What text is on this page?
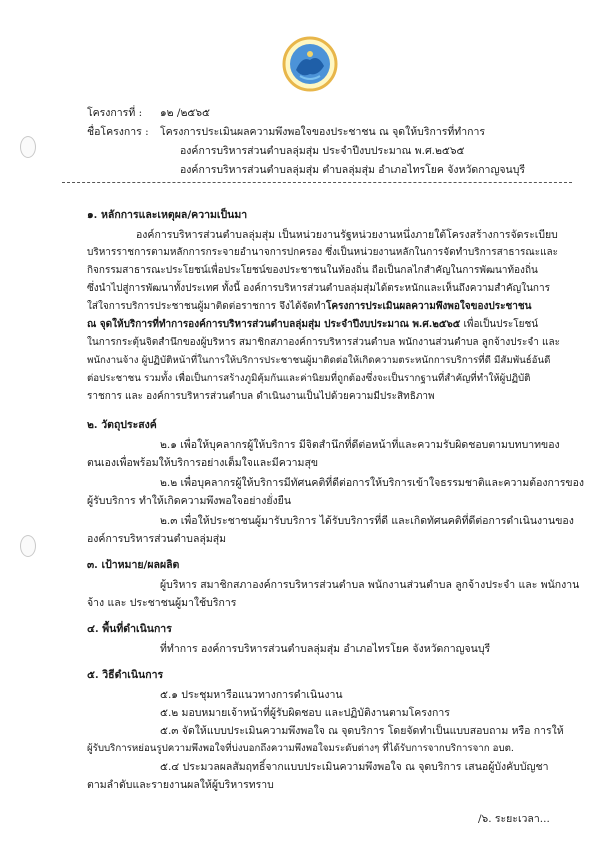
โครงการที่ : ๑๒ /๒๕๖๕
ชื่อโครงการ : โครงการประเมินผลความพึงพอใจของประชาชน ณ จุดให้บริการที่ทำการ
องค์การบริหารส่วนตำบลลุ่มสุ่ม ประจำปีงบประมาณ พ.ศ.๒๕๖๕
องค์การบริหารส่วนตำบลลุ่มสุ่ม ตำบลลุ่มสุ่ม อำเภอไทรโยค จังหวัดกาญจนบุรี
๑. หลักการและเหตุผล/ความเป็นมา
องค์การบริหารส่วนตำบลลุ่มสุ่ม เป็นหน่วยงานรัฐหน่วยงานหนึ่งภายใต้โครงสร้างการจัดระเบียบ
บริหารราชการตามหลักการกระจายอำนาจการปกครอง ซึ่งเป็นหน่วยงานหลักในการจัดทำบริการสาธารณะและ
กิจกรรมสาธารณะประโยชน์เพื่อประโยชน์ของประชาชนในท้องถิ่น ถือเป็นกลไกสำคัญในการพัฒนาท้องถิ่น
ซึ่งนำไปสู่การพัฒนาทั้งประเทศ ทั้งนี้ องค์การบริหารส่วนตำบลลุ่มสุ่มได้ตระหนักและเห็นถึงความสำคัญในการ
ใส่ใจการบริการประชาชนผู้มาติดต่อราชการ จึงได้จัดทำโครงการประเมินผลความพึงพอใจของประชาชน
ณ จุดให้บริการที่ทำการองค์การบริหารส่วนตำบลลุ่มสุ่ม ประจำปีงบประมาณ พ.ศ.๒๕๖๕ เพื่อเป็นประโยชน์
ในการกระตุ้นจิตสำนึกของผู้บริหาร สมาชิกสภาองค์การบริหารส่วนตำบล พนักงานส่วนตำบล ลูกจ้างประจำ และ
พนักงานจ้าง ผู้ปฏิบัติหน้าที่ในการให้บริการประชาชนผู้มาติดต่อให้เกิดความตระหนักการบริการที่ดี มีสัมพันธ์อันดี
ต่อประชาชน รวมทั้ง เพื่อเป็นการสร้างภูมิคุ้มกันและค่านิยมที่ถูกต้องซึ่งจะเป็นรากฐานที่สำคัญที่ทำให้ผู้ปฏิบัติ
ราชการ และ องค์การบริหารส่วนตำบล ดำเนินงานเป็นไปด้วยความมีประสิทธิภาพ
๒. วัตถุประสงค์
๒.๑ เพื่อให้บุคลากรผู้ให้บริการ มีจิตสำนึกที่ดีต่อหน้าที่และความรับผิดชอบตามบทบาทของ
ตนเองเพื่อพร้อมให้บริการอย่างเต็มใจและมีความสุข
๒.๒ เพื่อบุคลากรผู้ให้บริการมีทัศนคติที่ดีต่อการให้บริการเข้าใจธรรมชาติและความต้องการของ
ผู้รับบริการ ทำให้เกิดความพึงพอใจอย่างยั่งยืน
๒.๓ เพื่อให้ประชาชนผู้มารับบริการ ได้รับบริการที่ดี และเกิดทัศนคติที่ดีต่อการดำเนินงานของ
องค์การบริหารส่วนตำบลลุ่มสุ่ม
๓. เป้าหมาย/ผลผลิต
ผู้บริหาร สมาชิกสภาองค์การบริหารส่วนตำบล พนักงานส่วนตำบล ลูกจ้างประจำ และ พนักงาน
จ้าง และ ประชาชนผู้มาใช้บริการ
๔. พื้นที่ดำเนินการ
ที่ทำการ องค์การบริหารส่วนตำบลลุ่มสุ่ม อำเภอไทรโยค จังหวัดกาญจนบุรี
๕. วิธีดำเนินการ
๕.๑ ประชุมหารือแนวทางการดำเนินงาน
๕.๒ มอบหมายเจ้าหน้าที่ผู้รับผิดชอบ และปฏิบัติงานตามโครงการ
๕.๓ จัดให้แบบประเมินความพึงพอใจ ณ จุดบริการ โดยจัดทำเป็นแบบสอบถาม หรือ การให้
ผู้รับบริการหย่อนรูปความพึงพอใจที่บ่งบอกถึงความพึงพอใจมระดับต่างๆ ที่ได้รับการจากบริการจาก อบต.
๕.๔ ประมวลผลสัมฤทธิ์จากแบบประเมินความพึงพอใจ ณ จุดบริการ เสนอผู้บังคับบัญชา
ตามลำดับและรายงานผลให้ผู้บริหารทราบ
/๖. ระยะเวลา...
